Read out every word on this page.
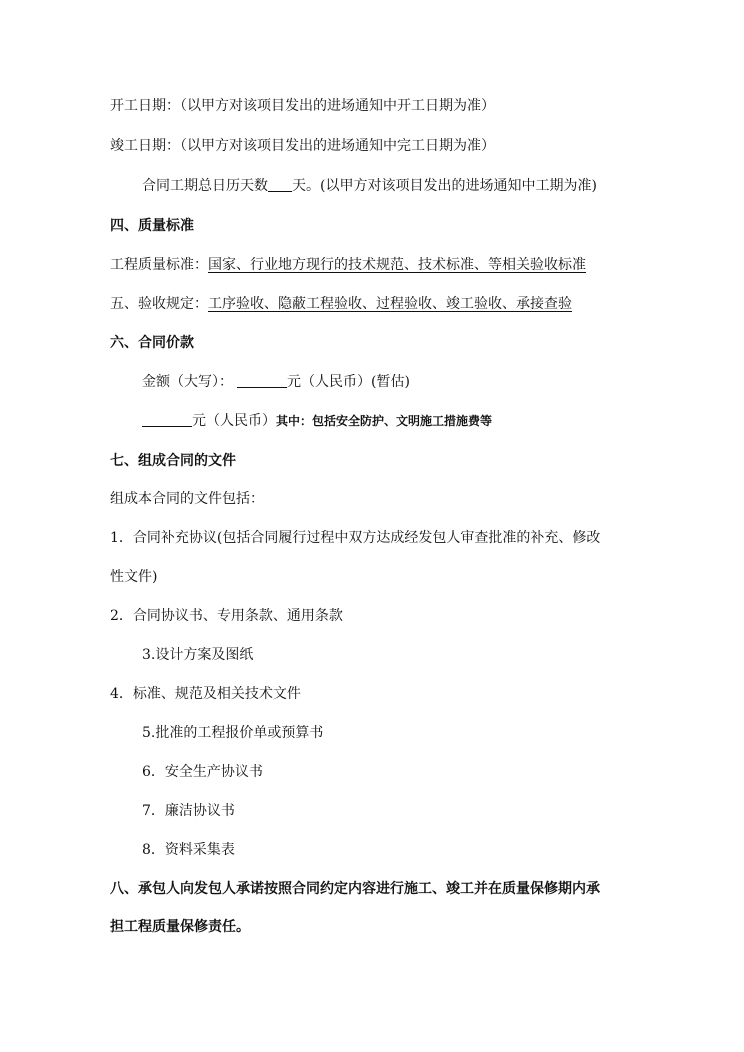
开工日期：（以甲方对该项目发出的进场通知中开工日期为准）
竣工日期：（以甲方对该项目发出的进场通知中完工日期为准）
合同工期总日历天数 天。(以甲方对该项目发出的进场通知中工期为准)
四、质量标准
工程质量标准：国家、行业地方现行的技术规范、技术标准、等相关验收标准
五、验收规定：工序验收、隐蔽工程验收、过程验收、竣工验收、承接查验
六、合同价款
金额（大写）：	元（人民币）(暂估)
元（人民币）其中：包括安全防护、文明施工措施费等
七、组成合同的文件
组成本合同的文件包括：
1．合同补充协议(包括合同履行过程中双方达成经发包人审查批准的补充、修改
性文件)
2．合同协议书、专用条款、通用条款
3.设计方案及图纸
4．标准、规范及相关技术文件
5.批准的工程报价单或预算书
6．安全生产协议书
7．廉洁协议书
8．资料采集表
八、承包人向发包人承诺按照合同约定内容进行施工、竣工并在质量保修期内承
担工程质量保修责任。
